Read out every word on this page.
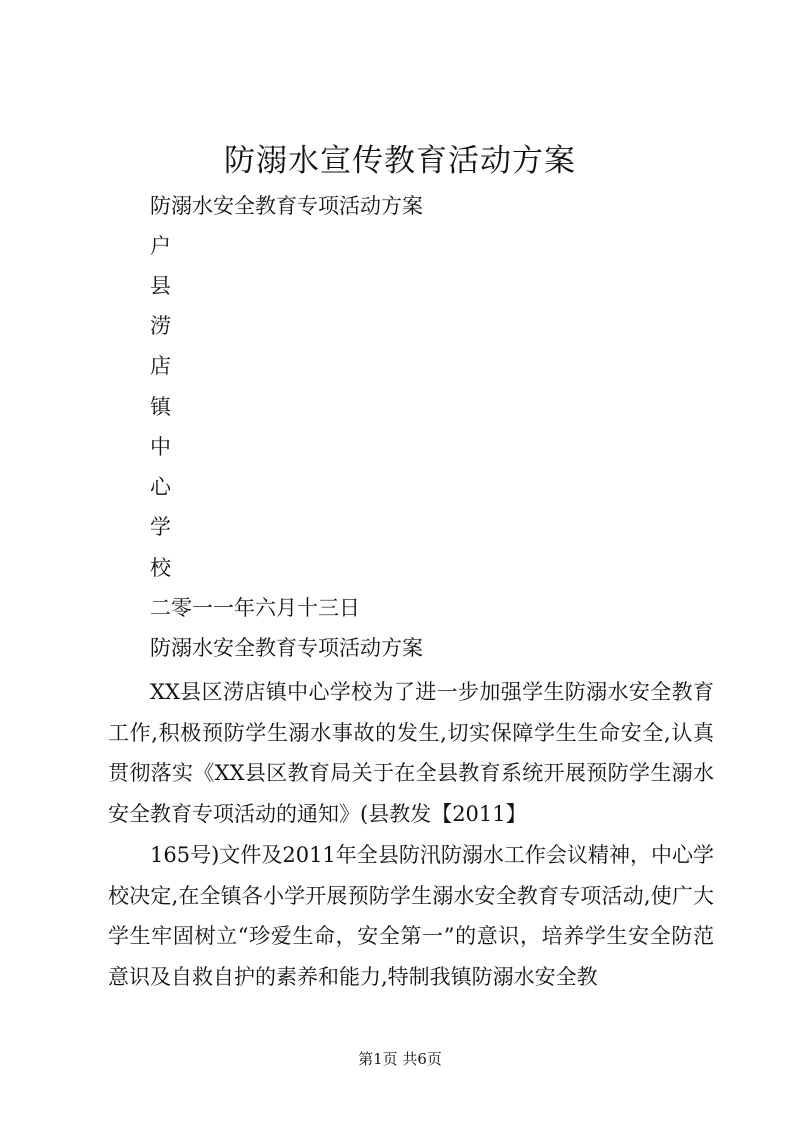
防溺水宣传教育活动方案

防溺水安全教育专项活动方案

户

县

涝

店

镇

中

心

学

校

二零一一年六月十三日

防溺水安全教育专项活动方案

XX县区涝店镇中心学校为了进一步加强学生防溺水安全教育工作,积极预防学生溺水事故的发生,切实保障学生生命安全,认真贯彻落实《XX县区教育局关于在全县教育系统开展预防学生溺水安全教育专项活动的通知》(县教发【2011】

165号)文件及2011年全县防汛防溺水工作会议精神，中心学校决定,在全镇各小学开展预防学生溺水安全教育专项活动,使广大学生牢固树立“珍爱生命，安全第一”的意识，培养学生安全防范意识及自救自护的素养和能力,特制我镇防溺水安全教

第1页 共6页
